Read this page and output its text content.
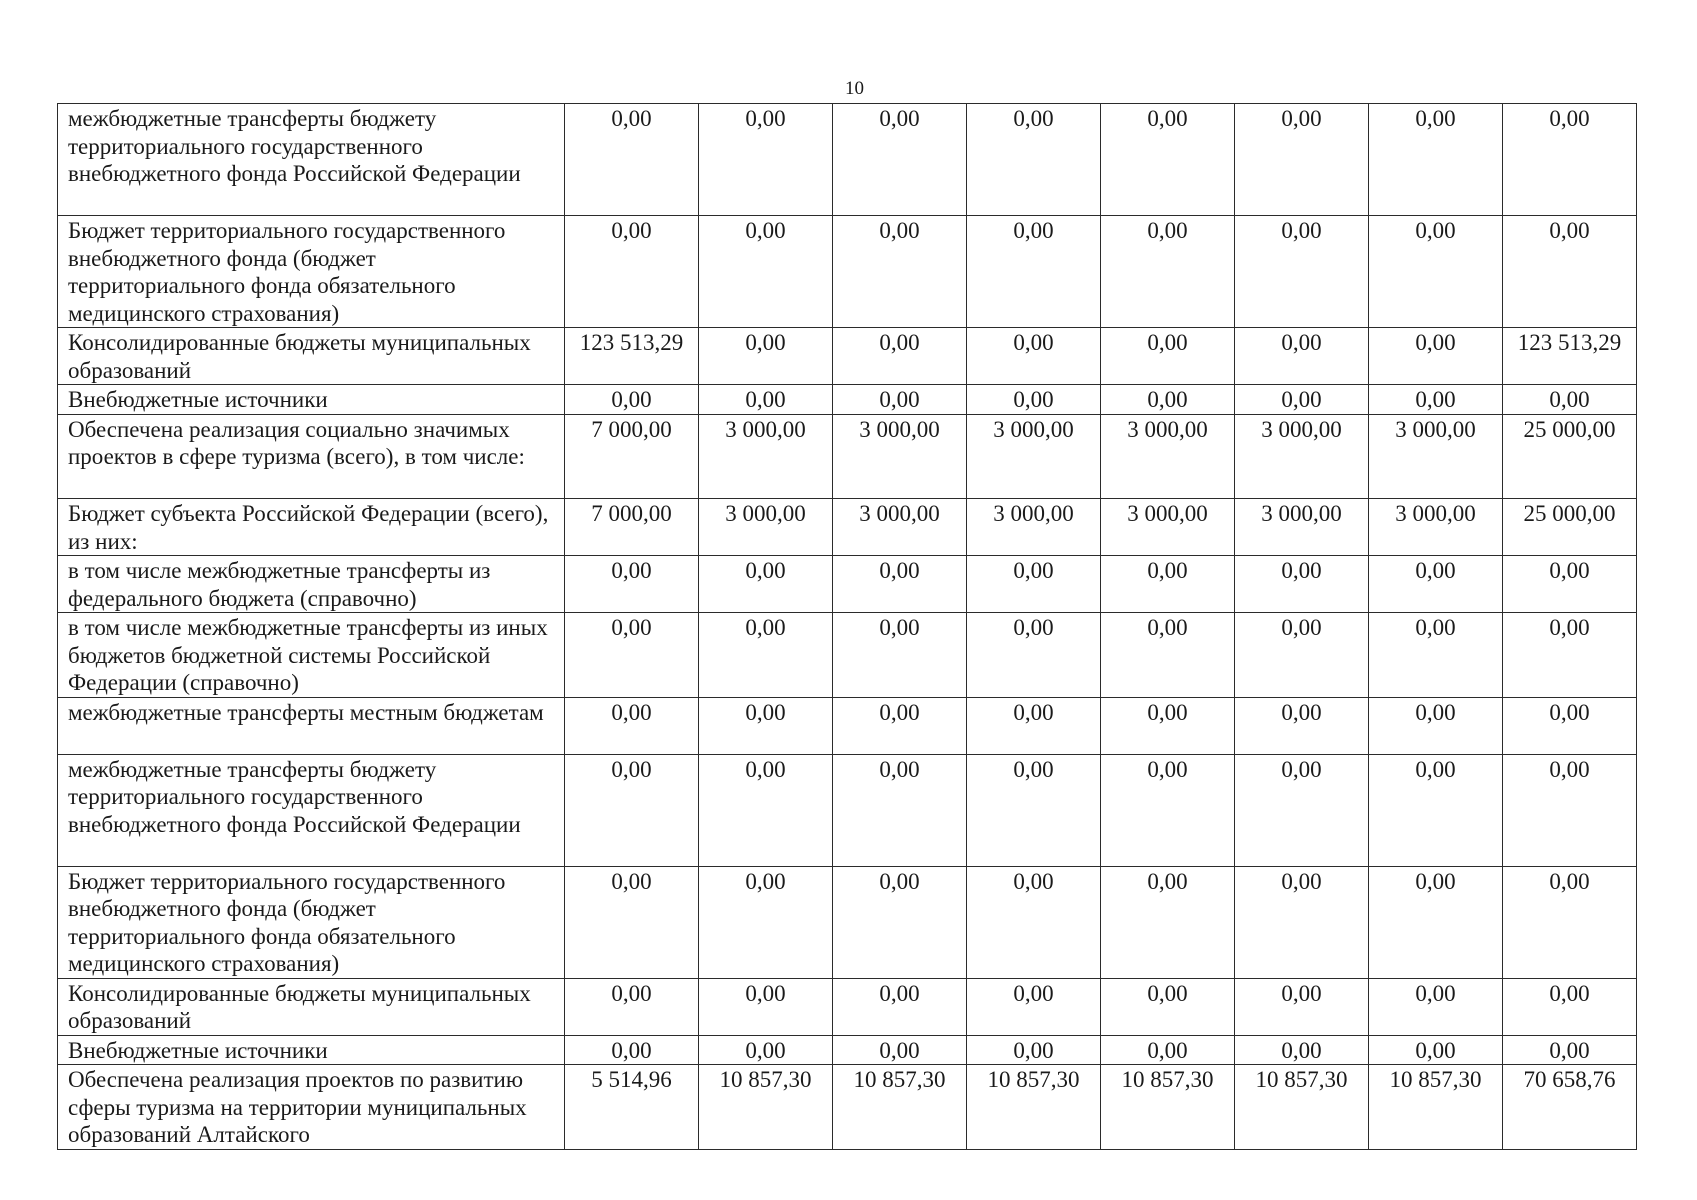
10
межбюджетные трансферты бюджету территориального государственного внебюджетного фонда Российской Федерации	0,00	0,00	0,00	0,00	0,00	0,00	0,00	0,00
Бюджет территориального государственного внебюджетного фонда (бюджет территориального фонда обязательного медицинского страхования)	0,00	0,00	0,00	0,00	0,00	0,00	0,00	0,00
Консолидированные бюджеты муниципальных образований	123 513,29	0,00	0,00	0,00	0,00	0,00	0,00	123 513,29
Внебюджетные источники	0,00	0,00	0,00	0,00	0,00	0,00	0,00	0,00
Обеспечена реализация социально значимых проектов в сфере туризма (всего), в том числе:	7 000,00	3 000,00	3 000,00	3 000,00	3 000,00	3 000,00	3 000,00	25 000,00
Бюджет субъекта Российской Федерации (всего), из них:	7 000,00	3 000,00	3 000,00	3 000,00	3 000,00	3 000,00	3 000,00	25 000,00
в том числе межбюджетные трансферты из федерального бюджета (справочно)	0,00	0,00	0,00	0,00	0,00	0,00	0,00	0,00
в том числе межбюджетные трансферты из иных бюджетов бюджетной системы Российской Федерации (справочно)	0,00	0,00	0,00	0,00	0,00	0,00	0,00	0,00
межбюджетные трансферты местным бюджетам	0,00	0,00	0,00	0,00	0,00	0,00	0,00	0,00
межбюджетные трансферты бюджету территориального государственного внебюджетного фонда Российской Федерации	0,00	0,00	0,00	0,00	0,00	0,00	0,00	0,00
Бюджет территориального государственного внебюджетного фонда (бюджет территориального фонда обязательного медицинского страхования)	0,00	0,00	0,00	0,00	0,00	0,00	0,00	0,00
Консолидированные бюджеты муниципальных образований	0,00	0,00	0,00	0,00	0,00	0,00	0,00	0,00
Внебюджетные источники	0,00	0,00	0,00	0,00	0,00	0,00	0,00	0,00
Обеспечена реализация проектов по развитию сферы туризма на территории муниципальных образований Алтайского	5 514,96	10 857,30	10 857,30	10 857,30	10 857,30	10 857,30	10 857,30	70 658,76
